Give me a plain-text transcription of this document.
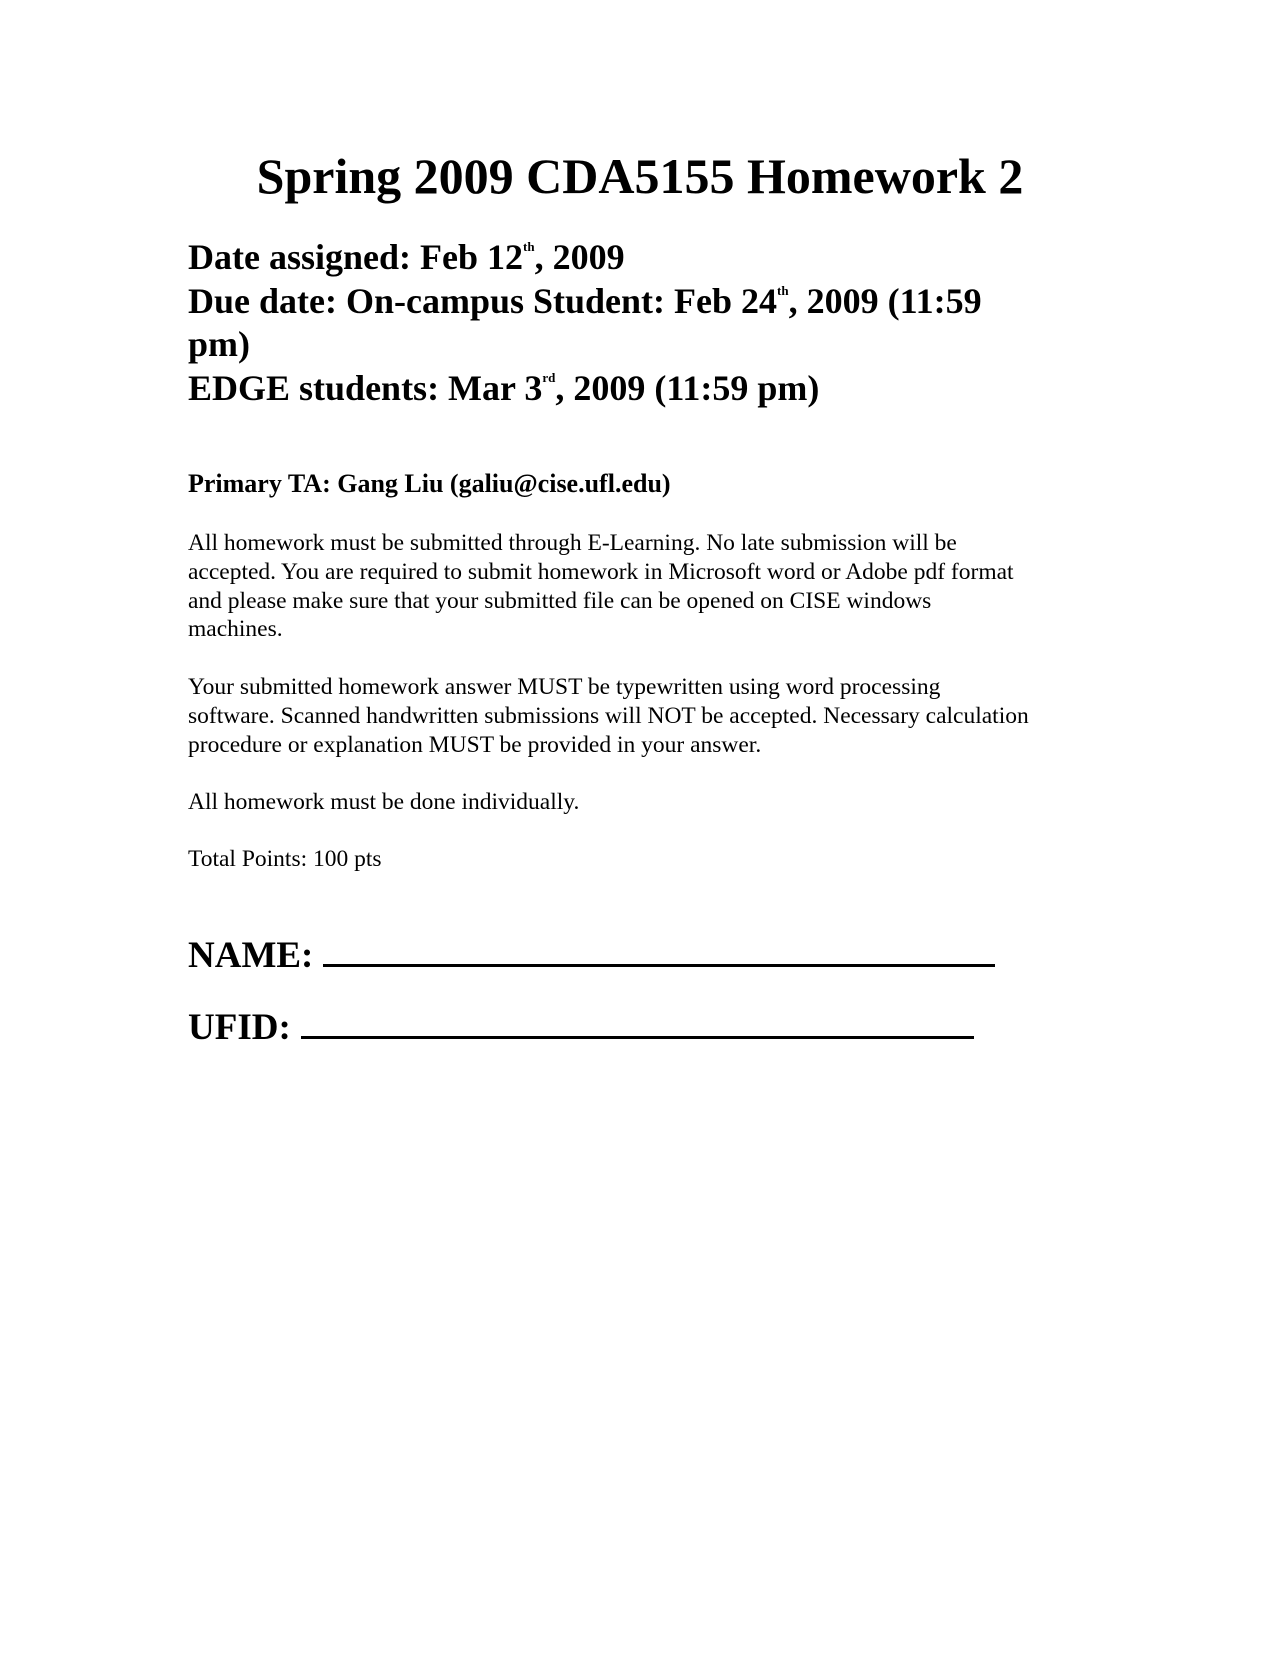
Spring 2009 CDA5155 Homework 2
Date assigned: Feb 12th, 2009
Due date: On-campus Student: Feb 24th, 2009 (11:59
pm)
EDGE students: Mar 3rd, 2009 (11:59 pm)
Primary TA: Gang Liu (galiu@cise.ufl.edu)
All homework must be submitted through E-Learning. No late submission will be
accepted. You are required to submit homework in Microsoft word or Adobe pdf format
and please make sure that your submitted file can be opened on CISE windows
machines.
Your submitted homework answer MUST be typewritten using word processing
software. Scanned handwritten submissions will NOT be accepted. Necessary calculation
procedure or explanation MUST be provided in your answer.
All homework must be done individually.
Total Points: 100 pts
NAME:
UFID:
